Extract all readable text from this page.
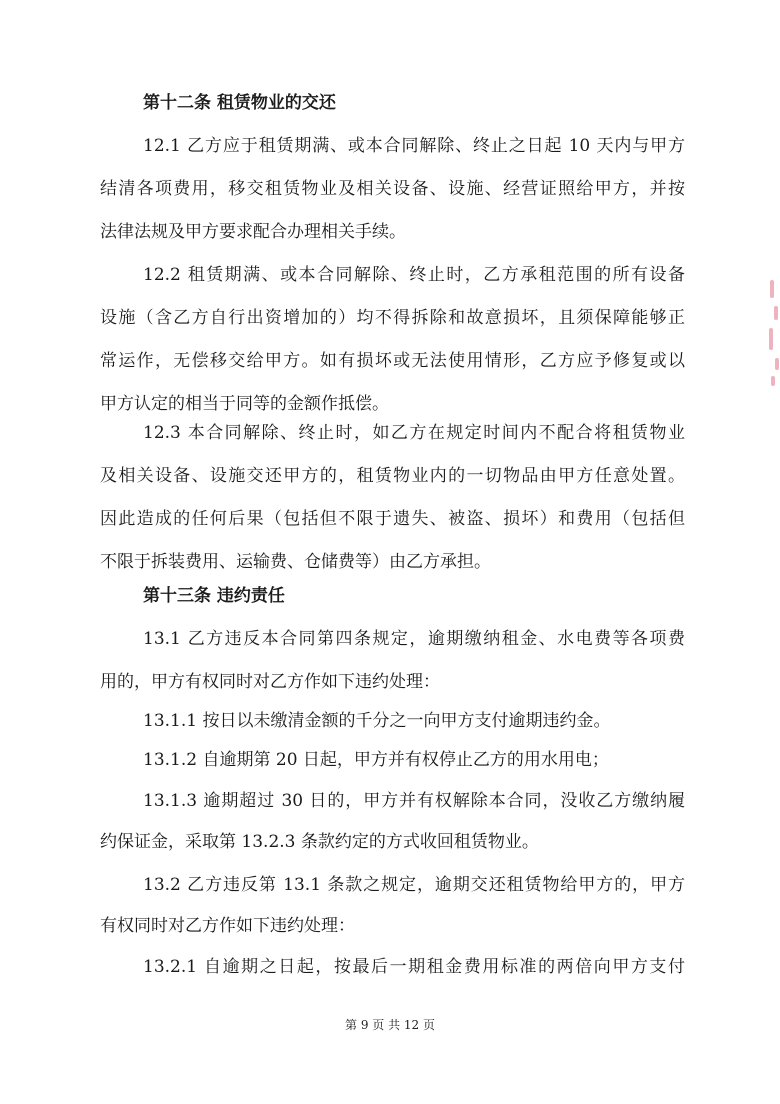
第十二条 租赁物业的交还
12.1 乙方应于租赁期满、或本合同解除、终止之日起 10 天内与甲方
结清各项费用，移交租赁物业及相关设备、设施、经营证照给甲方，并按
法律法规及甲方要求配合办理相关手续。
12.2 租赁期满、或本合同解除、终止时，乙方承租范围的所有设备
设施（含乙方自行出资增加的）均不得拆除和故意损坏，且须保障能够正
常运作，无偿移交给甲方。如有损坏或无法使用情形，乙方应予修复或以
甲方认定的相当于同等的金额作抵偿。
12.3 本合同解除、终止时，如乙方在规定时间内不配合将租赁物业
及相关设备、设施交还甲方的，租赁物业内的一切物品由甲方任意处置。
因此造成的任何后果（包括但不限于遗失、被盗、损坏）和费用（包括但
不限于拆装费用、运输费、仓储费等）由乙方承担。
第十三条 违约责任
13.1 乙方违反本合同第四条规定，逾期缴纳租金、水电费等各项费
用的，甲方有权同时对乙方作如下违约处理：
13.1.1 按日以未缴清金额的千分之一向甲方支付逾期违约金。
13.1.2 自逾期第 20 日起，甲方并有权停止乙方的用水用电；
13.1.3 逾期超过 30 日的，甲方并有权解除本合同，没收乙方缴纳履
约保证金，采取第 13.2.3 条款约定的方式收回租赁物业。
13.2 乙方违反第 13.1 条款之规定，逾期交还租赁物给甲方的，甲方
有权同时对乙方作如下违约处理：
13.2.1 自逾期之日起，按最后一期租金费用标准的两倍向甲方支付
第 9 页 共 12 页
